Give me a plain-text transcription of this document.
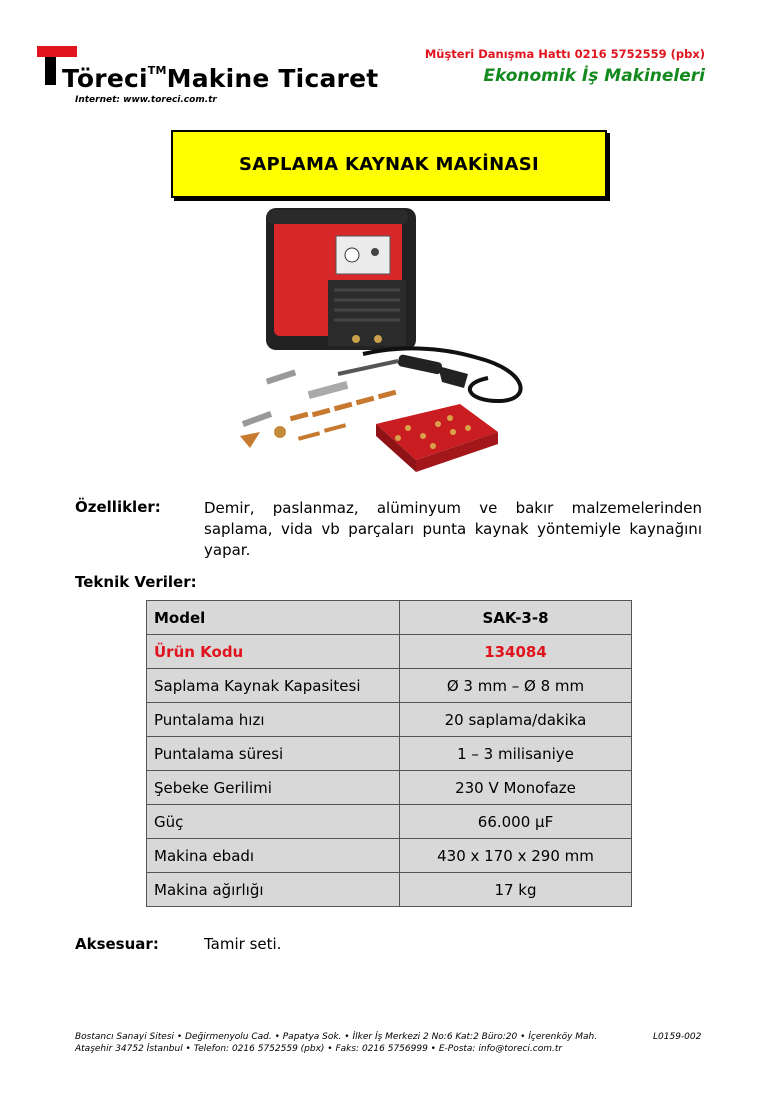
Töreci™Makine Ticaret
Internet: www.toreci.com.tr
Müşteri Danışma Hattı 0216 5752559 (pbx)
Ekonomik İş Makineleri
SAPLAMA KAYNAK MAKİNASI
Özellikler:	Demir, paslanmaz, alüminyum ve bakır malzemelerinden saplama, vida vb parçaları punta kaynak yöntemiyle kaynağını yapar.
Teknik Veriler:
Model	SAK-3-8
Ürün Kodu	134084
Saplama Kaynak Kapasitesi	Ø 3 mm – Ø 8 mm
Puntalama hızı	20 saplama/dakika
Puntalama süresi	1 – 3 milisaniye
Şebeke Gerilimi	230 V Monofaze
Güç	66.000 µF
Makina ebadı	430 x 170 x 290 mm
Makina ağırlığı	17 kg
Aksesuar:	Tamir seti.
Bostancı Sanayi Sitesi • Değirmenyolu Cad. • Papatya Sok. • İlker İş Merkezi 2 No:6 Kat:2 Büro:20 • İçerenköy Mah.
Ataşehir 34752 İstanbul • Telefon: 0216 5752559 (pbx) • Faks: 0216 5756999 • E-Posta: info@toreci.com.tr
L0159-002
